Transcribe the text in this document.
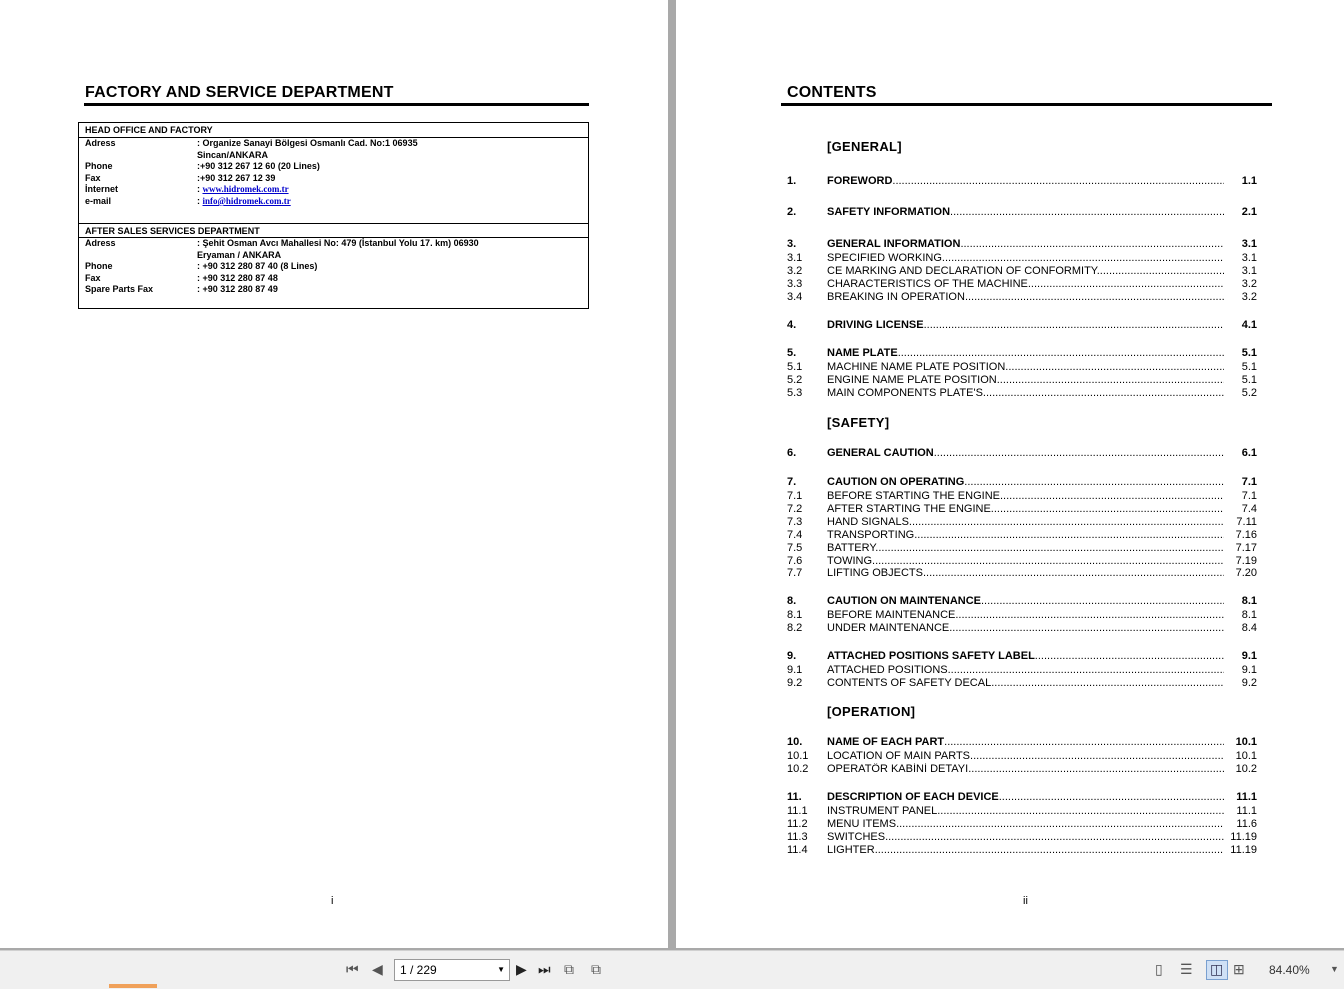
FACTORY AND SERVICE DEPARTMENT
HEAD OFFICE AND FACTORY
Adress	: Organize Sanayi Bölgesi Osmanlı Cad. No:1 06935
Sincan/ANKARA
Phone	:+90 312 267 12 60 (20 Lines)
Fax	:+90 312 267 12 39
İnternet	: www.hidromek.com.tr
e-mail	: info@hidromek.com.tr
AFTER SALES SERVICES DEPARTMENT
Adress	: Şehit Osman Avcı Mahallesi No: 479 (İstanbul Yolu 17. km) 06930
Eryaman / ANKARA
Phone	: +90 312 280 87 40 (8 Lines)
Fax	: +90 312 280 87 48
Spare Parts Fax	: +90 312 280 87 49
i
CONTENTS
[GENERAL]
[SAFETY]
[OPERATION]
1.	FOREWORD .....	1.1
2.	SAFETY INFORMATION .....	2.1
3.	GENERAL INFORMATION .....	3.1
3.1 SPECIFIED WORKING .....	3.1
3.2 CE MARKING AND DECLARATION OF CONFORMITY .....	3.1
3.3 CHARACTERISTICS OF THE MACHINE .....	3.2
3.4 BREAKING IN OPERATION .....	3.2
4.	DRIVING LICENSE .....	4.1
5.	NAME PLATE .....	5.1
5.1 MACHINE NAME PLATE POSITION .....	5.1
5.2 ENGINE NAME PLATE POSITION .....	5.1
5.3 MAIN COMPONENTS PLATE'S .....	5.2
6.	GENERAL CAUTION .....	6.1
7.	CAUTION ON OPERATING .....	7.1
7.1 BEFORE STARTING THE ENGINE .....	7.1
7.2 AFTER STARTING THE ENGINE .....	7.4
7.3 HAND SIGNALS .....	7.11
7.4 TRANSPORTING .....	7.16
7.5 BATTERY .....	7.17
7.6 TOWING .....	7.19
7.7 LIFTING OBJECTS .....	7.20
8.	CAUTION ON MAINTENANCE .....	8.1
8.1 BEFORE MAINTENANCE .....	8.1
8.2 UNDER MAINTENANCE .....	8.4
9.	ATTACHED POSITIONS SAFETY LABEL .....	9.1
9.1 ATTACHED POSITIONS .....	9.1
9.2 CONTENTS OF SAFETY DECAL .....	9.2
10. NAME OF EACH PART .....	10.1
10.1 LOCATION OF MAIN PARTS .....	10.1
10.2 OPERATÖR KABİNİ DETAYI .....	10.2
11. DESCRIPTION OF EACH DEVICE .....	11.1
11.1 INSTRUMENT PANEL .....	11.1
11.2 MENU ITEMS .....	11.6
11.3 SWITCHES .....	11.19
11.4 LIGHTER .....	11.19
ii
⏮ ◀ 1 / 229	▼ ▶ ⏭ ⧉ ⧉	▯ ☰ ◫ ⊞ 84.40% ▼
